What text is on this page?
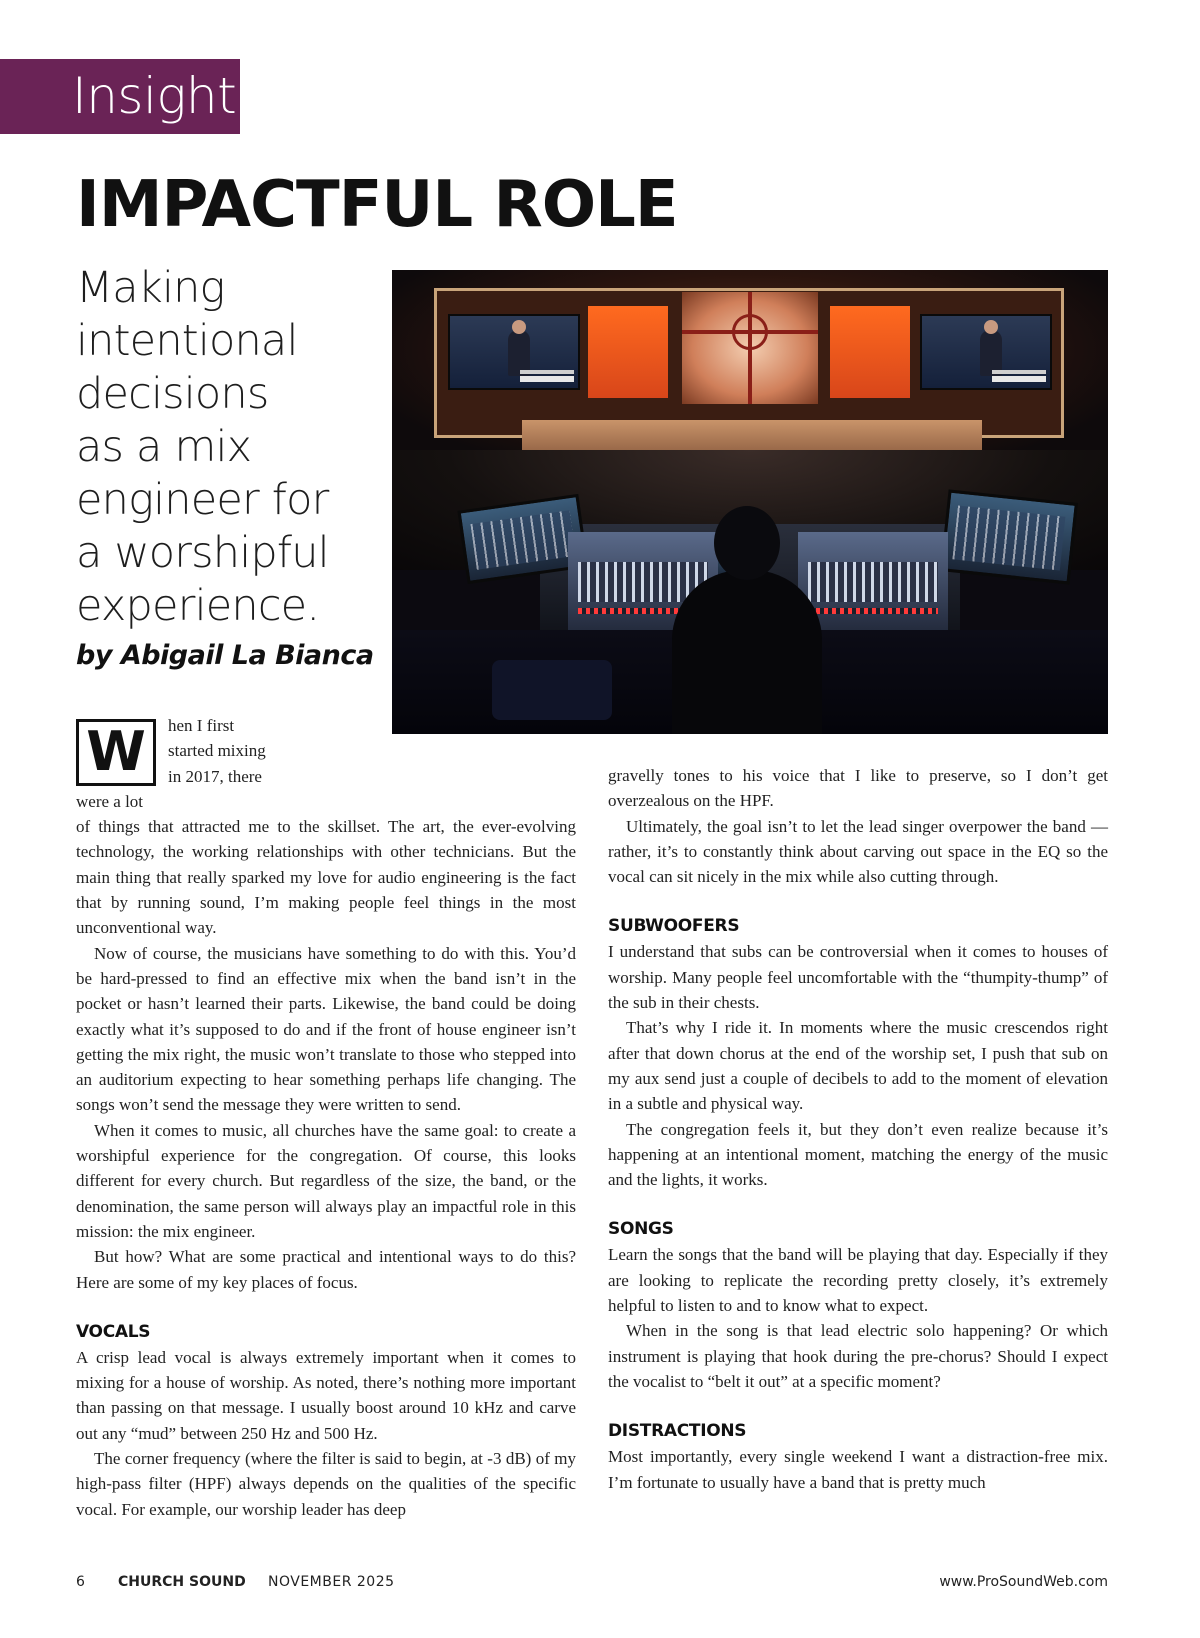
Insight
IMPACTFUL ROLE
Making
intentional
decisions
as a mix
engineer for
a worshipful
experience.
by Abigail La Bianca
W	hen I first started mixing
in 2017, there were a lot

of things that attracted me to the skillset. The art, the ever-evolving technology, the working relationships with other technicians. But the main thing that really sparked my love for audio engineering is the fact that by running sound, I’m making people feel things in the most unconventional way.

Now of course, the musicians have something to do with this. You’d be hard-pressed to find an effective mix when the band isn’t in the pocket or hasn’t learned their parts. Likewise, the band could be doing exactly what it’s supposed to do and if the front of house engineer isn’t getting the mix right, the music won’t translate to those who stepped into an auditorium expecting to hear something perhaps life changing. The songs won’t send the message they were written to send.

When it comes to music, all churches have the same goal: to create a worshipful experience for the congregation. Of course, this looks different for every church. But regardless of the size, the band, or the denomination, the same person will always play an impactful role in this mission: the mix engineer.

But how? What are some practical and intentional ways to do this? Here are some of my key places of focus.

VOCALS

A crisp lead vocal is always extremely important when it comes to mixing for a house of worship. As noted, there’s nothing more important than passing on that message. I usually boost around 10 kHz and carve out any “mud” between 250 Hz and 500 Hz.

The corner frequency (where the filter is said to begin, at -3 dB) of my high-pass filter (HPF) always depends on the qualities of the specific vocal. For example, our worship leader has deep

gravelly tones to his voice that I like to preserve, so I don’t get overzealous on the HPF.

Ultimately, the goal isn’t to let the lead singer overpower the band — rather, it’s to constantly think about carving out space in the EQ so the vocal can sit nicely in the mix while also cutting through.

SUBWOOFERS

I understand that subs can be controversial when it comes to houses of worship. Many people feel uncomfortable with the “thumpity-thump” of the sub in their chests.

That’s why I ride it. In moments where the music crescendos right after that down chorus at the end of the worship set, I push that sub on my aux send just a couple of decibels to add to the moment of elevation in a subtle and physical way.

The congregation feels it, but they don’t even realize because it’s happening at an intentional moment, matching the energy of the music and the lights, it works.

SONGS

Learn the songs that the band will be playing that day. Especially if they are looking to replicate the recording pretty closely, it’s extremely helpful to listen to and to know what to expect.

When in the song is that lead electric solo happening? Or which instrument is playing that hook during the pre-chorus? Should I expect the vocalist to “belt it out” at a specific moment?

DISTRACTIONS

Most importantly, every single weekend I want a distraction-free mix. I’m fortunate to usually have a band that is pretty much

6 CHURCH SOUND NOVEMBER 2025	www.ProSoundWeb.com
